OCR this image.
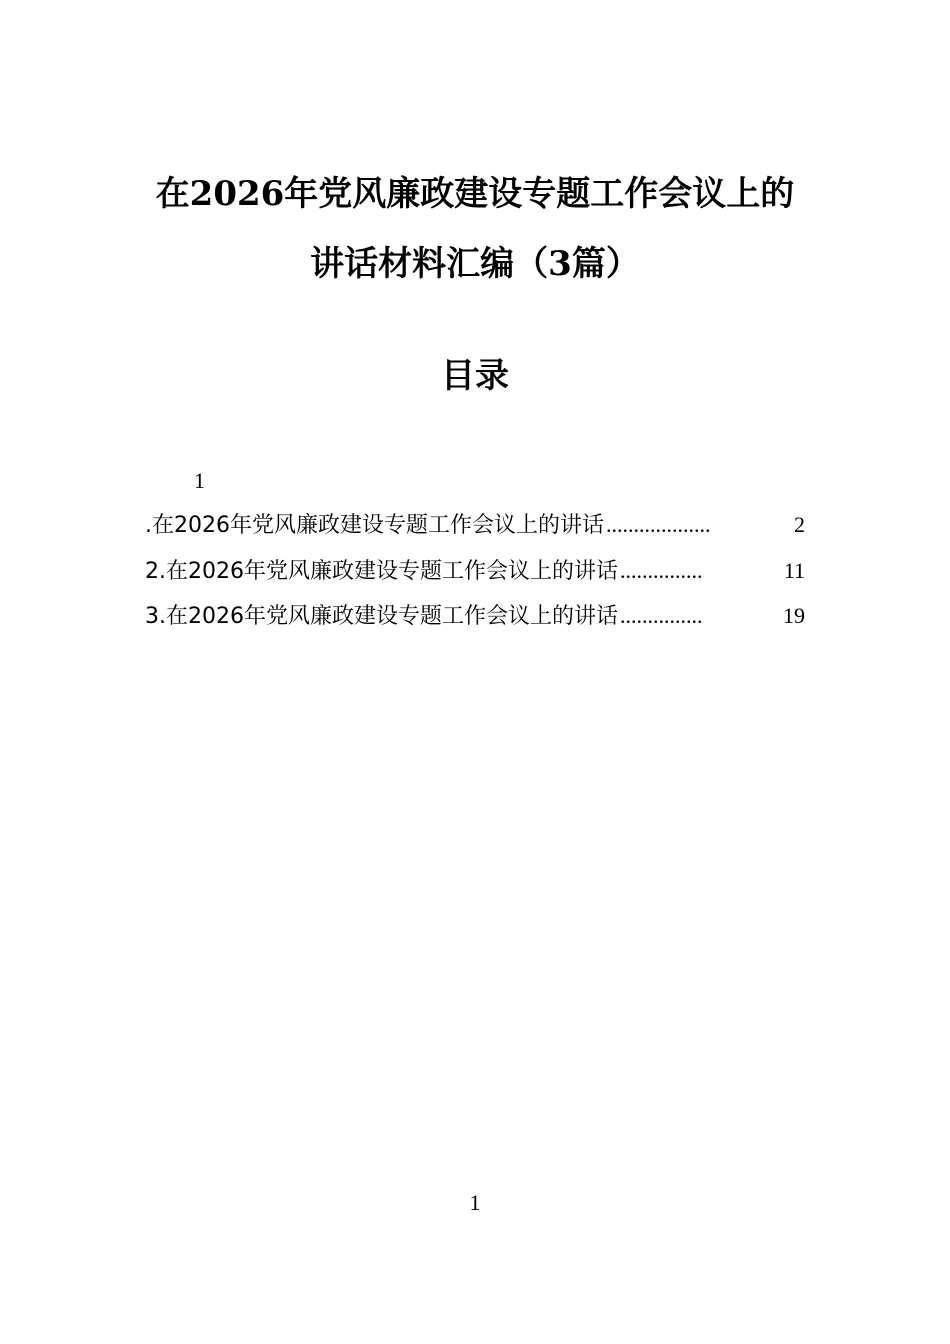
在2026年党风廉政建设专题工作会议上的
讲话材料汇编（3篇）
目录
1
.在2026年党风廉政建设专题工作会议上的讲话 ...................	2
2.在2026年党风廉政建设专题工作会议上的讲话 ...............	11
3.在2026年党风廉政建设专题工作会议上的讲话 ...............	19
1
